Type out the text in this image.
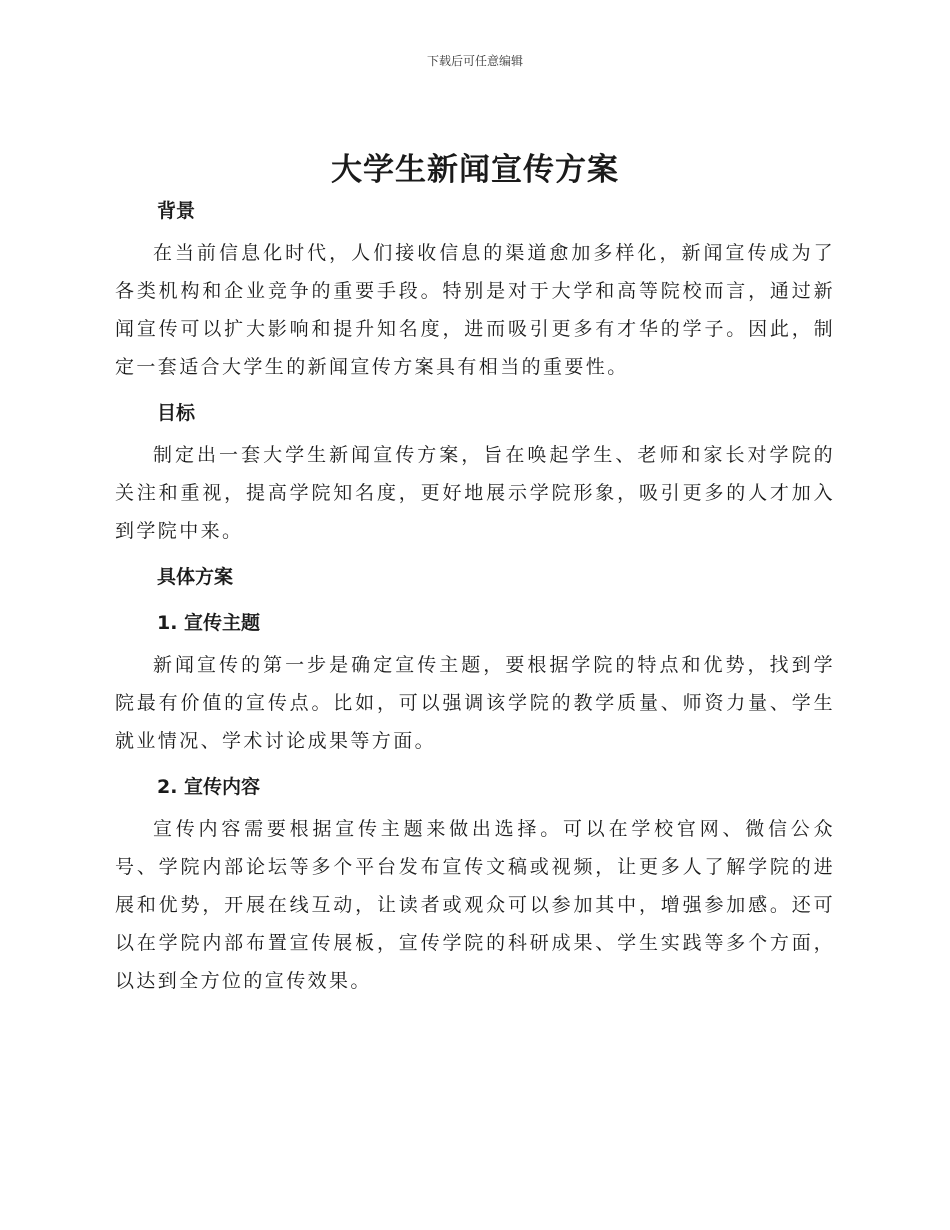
下载后可任意编辑
大学生新闻宣传方案
背景

在当前信息化时代，人们接收信息的渠道愈加多样化，新闻宣传成为了各类机构和企业竞争的重要手段。特别是对于大学和高等院校而言，通过新闻宣传可以扩大影响和提升知名度，进而吸引更多有才华的学子。因此，制定一套适合大学生的新闻宣传方案具有相当的重要性。

目标

制定出一套大学生新闻宣传方案，旨在唤起学生、老师和家长对学院的关注和重视，提高学院知名度，更好地展示学院形象，吸引更多的人才加入到学院中来。

具体方案
1. 宣传主题

新闻宣传的第一步是确定宣传主题，要根据学院的特点和优势，找到学院最有价值的宣传点。比如，可以强调该学院的教学质量、师资力量、学生就业情况、学术讨论成果等方面。

2. 宣传内容

宣传内容需要根据宣传主题来做出选择。可以在学校官网、微信公众号、学院内部论坛等多个平台发布宣传文稿或视频，让更多人了解学院的进展和优势，开展在线互动，让读者或观众可以参加其中，增强参加感。还可以在学院内部布置宣传展板，宣传学院的科研成果、学生实践等多个方面，以达到全方位的宣传效果。
